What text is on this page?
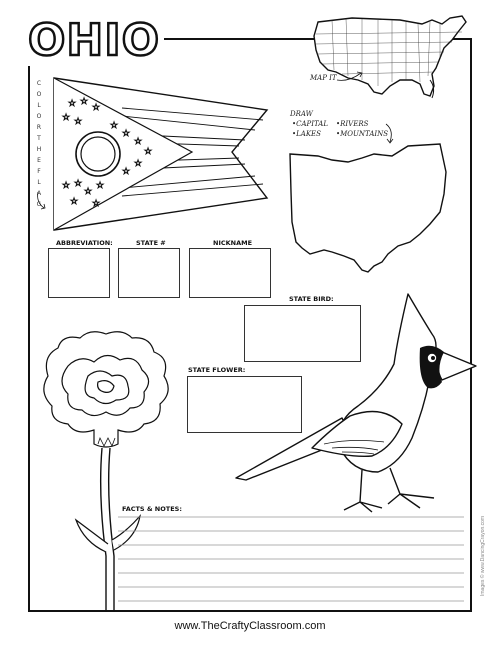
OHIO
MAP IT
COLOR THE FLAG
☆ ☆
☆
☆ ☆	☆
☆
☆
☆
☆
☆
☆ ☆
☆
☆
☆ ☆
DRAW
•CAPITAL
•LAKES
•RIVERS
•MOUNTAINS
ABBREVIATION:	STATE #	NICKNAME
STATE BIRD:
STATE FLOWER:
FACTS & NOTES:
Images © www.DancingCrayon.com
www.TheCraftyClassroom.com
